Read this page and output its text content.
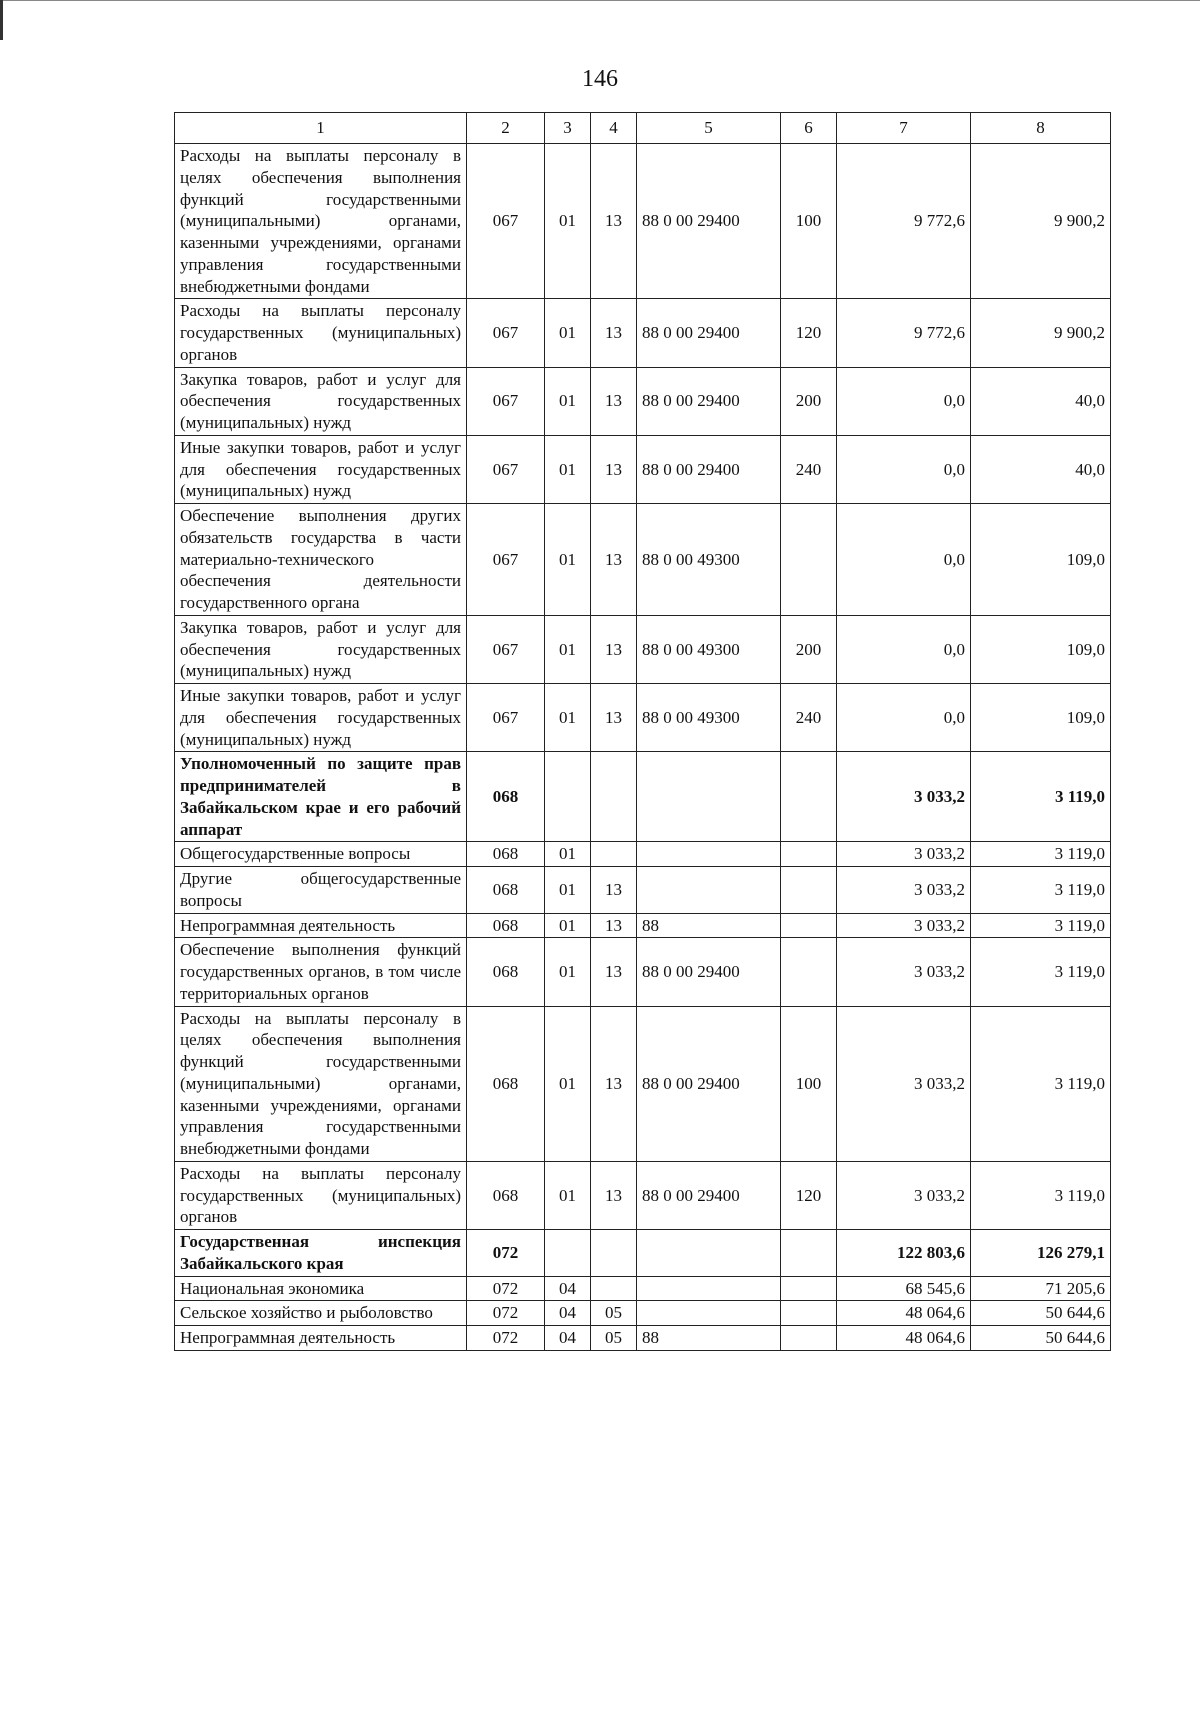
146
1	2	3	4	5	6	7	8
Расходы на выплаты персоналу в целях обеспечения выполнения функций государственными (муниципальными) органами, казенными учреждениями, органами управления государственными внебюджетными фондами	067	01	13	88 0 00 29400	100	9 772,6	9 900,2
Расходы на выплаты персоналу государственных (муниципальных) органов	067	01	13	88 0 00 29400	120	9 772,6	9 900,2
Закупка товаров, работ и услуг для обеспечения государственных (муниципальных) нужд	067	01	13	88 0 00 29400	200	0,0	40,0
Иные закупки товаров, работ и услуг для обеспечения государственных (муниципальных) нужд	067	01	13	88 0 00 29400	240	0,0	40,0
Обеспечение выполнения других обязательств государства в части материально-технического обеспечения деятельности государственного органа	067	01	13	88 0 00 49300		0,0	109,0
Закупка товаров, работ и услуг для обеспечения государственных (муниципальных) нужд	067	01	13	88 0 00 49300	200	0,0	109,0
Иные закупки товаров, работ и услуг для обеспечения государственных (муниципальных) нужд	067	01	13	88 0 00 49300	240	0,0	109,0
Уполномоченный по защите прав предпринимателей в Забайкальском крае и его рабочий аппарат	068					3 033,2	3 119,0
Общегосударственные вопросы	068	01				3 033,2	3 119,0
Другие общегосударственные вопросы	068	01	13			3 033,2	3 119,0
Непрограммная деятельность	068	01	13	88		3 033,2	3 119,0
Обеспечение выполнения функций государственных органов, в том числе территориальных органов	068	01	13	88 0 00 29400		3 033,2	3 119,0
Расходы на выплаты персоналу в целях обеспечения выполнения функций государственными (муниципальными) органами, казенными учреждениями, органами управления государственными внебюджетными фондами	068	01	13	88 0 00 29400	100	3 033,2	3 119,0
Расходы на выплаты персоналу государственных (муниципальных) органов	068	01	13	88 0 00 29400	120	3 033,2	3 119,0
Государственная инспекция Забайкальского края	072					122 803,6	126 279,1
Национальная экономика	072	04				68 545,6	71 205,6
Сельское хозяйство и рыболовство	072	04	05			48 064,6	50 644,6
Непрограммная деятельность	072	04	05	88		48 064,6	50 644,6
